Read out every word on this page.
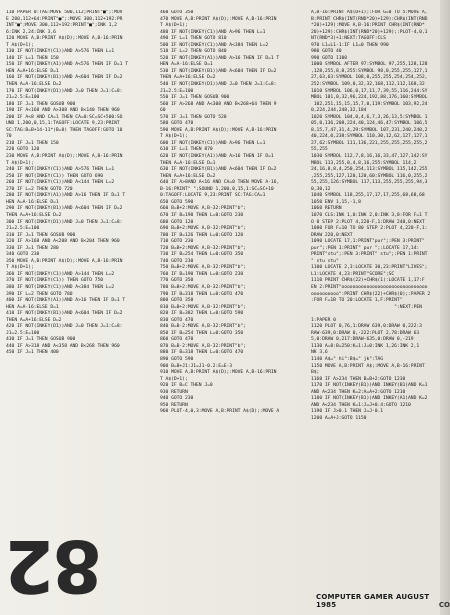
110 PAPER 0:TAG:MOVE 500,112;PRINT"■";:MOV
E 200,112+64:PRINT"■";:MOVE 300,112+192:PR
INT"■";MOVE 300,112+192:PRINT"■";INK 1,2
6:INK 2,24:INK 3,6
120 MOVE A,B:PRINT A$(D);:MOVE A,B-16:PRIN
T A$(D+1);
130 IF NOT(INKEY(C1))AND A>576 THEN L=1
140 IF L=1 THEN 150
150 IF NOT(INKEY(A1))AND A<576 THEN IF D=1 T
HEN A=A+16:ELSE D=1
160 IF NOT(INKEY(B1))AND A<604 THEN IF D=2
THEN A=A-16:ELSE D=2
170 IF NOT(INKEY(D1))AND J=0 THEN J=1:C=8:
J1=2.5:E=100
180 IF J=1 THEN GOSUB 900
190 IF A<168 AND A>308 AND B<140 THEN 960
200 IF A<8 AND CA=1 THEN CA=0:SC=SC+500:SO
UND 1,200,0,15,1:TAGOFF:LOCATE 9,23:PRINT
SC:TAG:B=B+14-11*(B=8) THEN TAGOFF:GOTO 10
70
210 IF J=1 THEN 150
220 GOTO 120
230 MOVE A,B:PRINT A$(D);:MOVE A,B-16:PRIN
T A$(D+1);
240 IF NOT(INKEY(C1))AND A>576 THEN L=1
250 IF NOT(INKEY(C1)) THEN GOTO 690
260 IF NOT(INKEY(C1))AND A<144 THEN L=2
270 IF L=2 THEN GOTO 720
280 IF NOT(INKEY(A1))AND A>16 THEN IF D=1 T
HEN A=A-16:ELSE D=1
290 IF NOT(INKEY(B1))AND A<604 THEN IF D=2
THEN A=A+16:ELSE D=2
300 IF NOT(INKEY(D1))AND J=0 THEN J=1:C=8:
J1=2.5:E=100
310 IF J=1 THEN GOSUB 900
320 IF A>168 AND A<208 AND B<204 THEN 960
330 IF J=1 THEN 280
340 GOTO 230
350 MOVE A,B:PRINT A$(D);:MOVE A,B-16:PRIN
T A$(D+1);
360 IF NOT(INKEY(C1))AND A>144 THEN L=2
370 IF NOT(INKEY(C1)) THEN GOTO 750
380 IF NOT(INKEY(C1))AND A<384 THEN L=2
390 IF L=2 THEN GOTO 780
400 IF NOT(INKEY(A1))AND A>16 THEN IF D=1 T
HEN A=A-16:ELSE D=1
410 IF NOT(INKEY(B1))AND A<604 THEN IF D=2
THEN A=A+16:ELSE D=2
420 IF NOT(INKEY(D1))AND J=0 THEN J=1:C=8:
J1=2.5:E=100
430 IF J=1 THEN GOSUB 900
440 IF A>318 AND A<358 AND B<268 THEN 960
450 IF J=1 THEN 400
460 GOTO 350
470 MOVE A,B:PRINT A$(D);:MOVE A,B-16:PRIN
T A$(D+1);
480 IF NOT(INKEY(C1))AND A>96 THEN L=1
490 IF L=1 THEN GOTO 810
500 IF NOT(INKEY(C1))AND A<384 THEN L=2
510 IF L=2 THEN GOTO 840
520 IF NOT(INKEY(A1))AND A>16 THEN IF D=1 T
HEN A=A-16:ELSE D=1
530 IF NOT(INKEY(B1))AND A<604 THEN IF D=2
THEN A=A+16:ELSE D=2
540 IF NOT(INKEY(D1))AND J=0 THEN J=1:C=8:
J1=2.5:E=100
550 IF J=1 THEN GOSUB 900
560 IF A>268 AND A<308 AND B<268+64 THEN 9
60
570 IF J=1 THEN GOTO 520
580 GOTO 470
590 MOVE A,B:PRINT A$(D);:MOVE A,B-16:PRIN
T A$(D+1);
600 IF NOT(INKEY(C1))AND A>96 THEN L=1
610 IF L=1 THEN 870
620 IF NOT(INKEY(A1))AND A>16 THEN IF D=1
THEN A=A-16:ELSE D=1
630 IF NOT(INKEY(B1))AND A<604 THEN IF D=2
THEN A=A+16:ELSE D=2
640 IF A>8AND A<16 AND CA=0 THEN MOVE A-16,
B-16:PRINT" ";SOUND 1,200,0,15,1:SC=SC+10
0:TAGOFF:LOCATE 9,23:PRINT SC:TAG:CA=1
650 GOTO 590
660 B=B+2:MOVE A,B-32:PRINT"b";
670 IF B=190 THEN L=0:GOTO 230
680 GOTO 120
690 B=B+2:MOVE A,B-32:PRINT"b";
700 IF B=126 THEN L=0:GOTO 120
710 GOTO 230
720 B=B+2:MOVE A,B-32:PRINT"b";
730 IF B=254 THEN L=0:GOTO 350
740 GOTO 230
750 B=B+2:MOVE A,B-32:PRINT"b";
760 IF B=190 THEN L=0:GOTO 230
770 GOTO 350
780 B=B+2:MOVE A,B-32:PRINT"b";
790 IF B=318 THEN L=0:GOTO 470
800 GOTO 350
810 B=B+2:MOVE A,B-32:PRINT"b";
820 IF B=382 THEN L=0:GOTO 590
830 GOTO 470
840 B=B-2:MOVE A,B-32:PRINT"b";
850 IF B=254 THEN L=0:GOTO 350
860 GOTO 470
870 B=B-2:MOVE A,B-32:PRINT"b";
880 IF B=318 THEN L=0:GOTO 470
890 GOTO 590
900 B=B+J1:J1=J1-0.2:E=E-3
910 MOVE A,B:PRINT A$(D);:MOVE A,B-16:PRIN
T A$(D+1);
920 IF B=C THEN J=0
930 RETURN
940 GOTO 230
950 RETURN
960 PLOT-4,0,3:MOVE A,B:PRINT A$(D);:MOVE A
A,B-16:PRINT A$(D+1);:FOR G=0 TO 5:MOVE A,
B:PRINT CHR$(INT(RND*20)+129):CHR$(INT(RND
*20)+129):MOVE A,B-16:PRINT CHR$(INT(RND*
20)+129):CHR$(INT(RND*20)+129);:PLOT-4,0,1
NT(RND*3)+1:NEXT:TAGOFF:CLS
970 L1=L1-1:IF L1=0 THEN 990
980 GOTO 40
990 GOTO 1100
1000 SYMBOL AFTER 97:SYMBOL 97,255,128,128
,128,255,8,8,255:SYMBOL 98,0,255,255,127,1
27,63,63:SYMBOL 108,0,255,255,254,254,252,
252:SYMBOL 109,0,32,32,168,112,112,168,32
1010 SYMBOL 106,0,17,11,7,39,55,116,244:SY
MBOL 101,0,32,96,224,192,88,176,160:SYMBOL
102,251,15,15,15,7,0,119:SYMBOL 103,92,24
0,224,244,248,32,184
1020 SYMBOL 104,0,4,6,7,3,26,13,5:SYMBOL 1
05,0,136,208,224,40,124,46,47:SYMBOL 106,5
8,15,7,47,31,4,29:SYMBOL 107,231,240,240,2
40,224,0,238:SYMBOL 110,30,12,62,127,127,1
27,62:SYMBOL 111,136,221,255,255,255,255,2
55,255
1030 SYMBOL 112,7,8,16,16,33,47,127,142:SY
MBOL 113,255,0,4,8,16,255:SYMBOL 114,2
24,16,8,8,4,250,254,113:SYMBOL 115,142,255
,255,255,127,120,120,60:SYMBOL 116,0,255,2
55,255,126:SYMBOL 117,113,255,255,255,94,3
0,30,12
1040 SYMBOL 118,255,17,17,17,255,68,68,68
1050 ENV 1,15,-1,8
1060 RETURN
1070 CLS:INK 1,0:INK 2,0:INK 3,0:FOR F=1 T
O 8 STEP 2:PLOT 4,220-F,1:DRAW 240,0:NEXT
1080 FOR F=10 TO 80 STEP 2:PLOT 4,220-F,1:
DRAW 220,0:NEXT
1090 LOCATE 17,1:PRINT"pur";:PEN 3:PRINT"
pur";:PEN 1:PRINT" pur ";:LOCATE 17,14:
PRINT"stu";:PEN 3:PRINT" stu";:PEN 1:PRINT
" stu stu"
1100 LOCATE 2,3:LOCATE 30,23:PRINT"LIVES";
L1:LOCATE 4,23:PRINT"SCORE";SC
1110 PRINT CHR$(22)+CHR$(1):LOCATE 1,17:F
EN 2:PRINT"ooooooooooooooooooooooooooooooo
oooooooooo":PRINT CHR$(22)+CHR$(0);:PAPER 2
:FOR F=1B TO 20:LOCATE 1,F:PRINT"
":NEXT:PEN
1:PAPER 0
1120 PLOT 0,76,1:DRAW 639,0:DRAW 0,222:3
RAW-639,0:DRAW 0,-222:PLOT 2,78:DRAW 63
5,0:DRAW 0,217:DRAW-635,0:DRAW 0,-219
1130 A=8:B=250:K=1:J=0:INK 1,26:INK 2,1
NK 3,6
1140 A$=" hi":B$=" jk":TAG
1150 MOVE A,B:PRINT A$;:MOVE A,B-16:PRINT
B$;
1160 IF A>234 THEN B=B+2:GOTO 1230
1170 IF NOT(INKEY(B1))AND INKEY(B1)AND K=1
AND A<234 THEN K=2:A=A+2:GOTO 1210
1180 IF NOT(INKEY(B1))AND INKEY(A1)AND K=2
AND A<234 THEN K=1:J=J+0.4:GOTO 1210
1190 IF J>0.1 THEN J=J-0.1
1200 A=A+J:GOTO 1150
82	CO
COMPUTER GAMER AUGUST 1985
